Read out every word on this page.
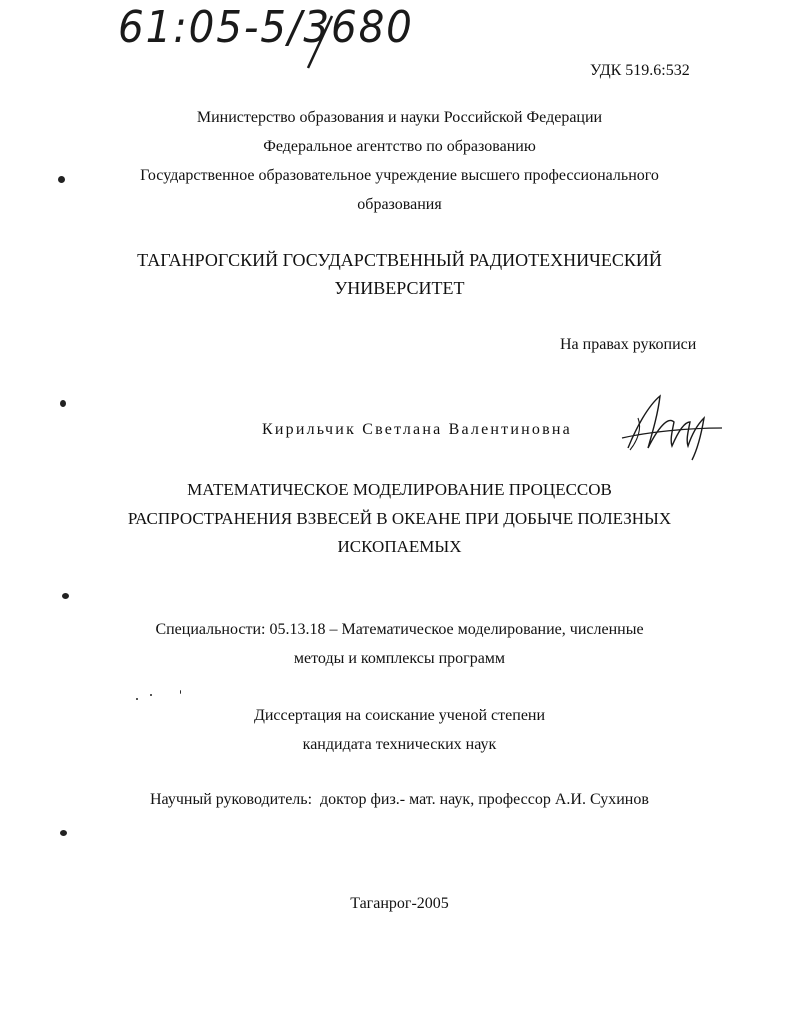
61:05-5/3680
УДК 519.6:532
Министерство образования и науки Российской Федерации
Федеральное агентство по образованию
Государственное образовательное учреждение высшего профессионального
образования
ТАГАНРОГСКИЙ ГОСУДАРСТВЕННЫЙ РАДИОТЕХНИЧЕСКИЙ
УНИВЕРСИТЕТ
На правах рукописи
Кирильчик Светлана Валентиновна
МАТЕМАТИЧЕСКОЕ МОДЕЛИРОВАНИЕ ПРОЦЕССОВ
РАСПРОСТРАНЕНИЯ ВЗВЕСЕЙ В ОКЕАНЕ ПРИ ДОБЫЧЕ ПОЛЕЗНЫХ
ИСКОПАЕМЫХ
Специальности: 05.13.18 – Математическое моделирование, численные
методы и комплексы программ
Диссертация на соискание ученой степени
кандидата технических наук
Научный руководитель:  доктор физ.- мат. наук, профессор А.И. Сухинов
Таганрог-2005
